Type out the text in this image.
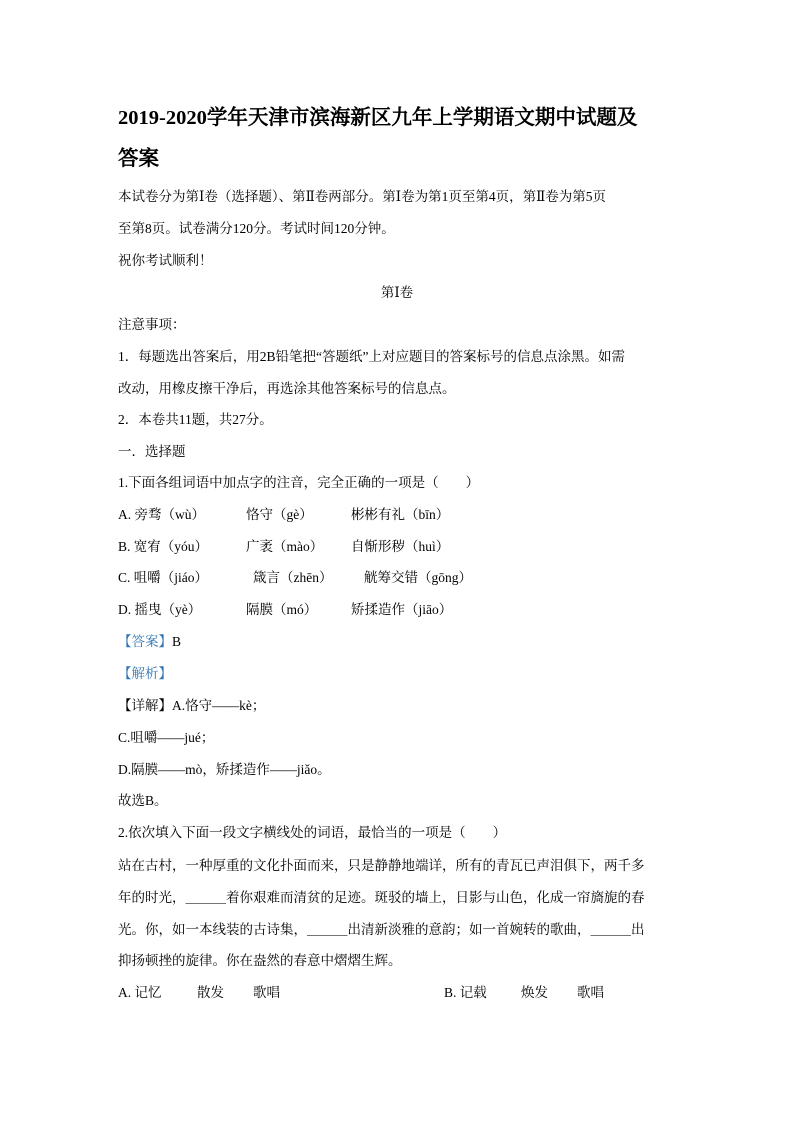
2019-2020学年天津市滨海新区九年上学期语文期中试题及
答案
本试卷分为第Ⅰ卷（选择题）、第Ⅱ卷两部分。第Ⅰ卷为第1页至第4页，第Ⅱ卷为第5页
至第8页。试卷满分120分。考试时间120分钟。
祝你考试顺利！
第Ⅰ卷
注意事项：
1．每题选出答案后，用2B铅笔把“答题纸”上对应题目的答案标号的信息点涂黑。如需
改动，用橡皮擦干净后，再选涂其他答案标号的信息点。
2．本卷共11题，共27分。
一．选择题
1.下面各组词语中加点字的注音，完全正确的一项是（　　）
A. 旁骛（wù）	恪守（gè）	彬彬有礼（bīn）
B. 宽宥（yóu）	广袤（mào） 自惭形秽（huì）
C. 咀嚼（jiáo）	箴言（zhēn） 觥筹交错（gōng）
D. 摇曳（yè）	隔膜（mó） 矫揉造作（jiāo）
【答案】B
【解析】
【详解】A.恪守——kè；
C.咀嚼——jué；
D.隔膜——mò，矫揉造作——jiǎo。
故选B。
2.依次填入下面一段文字横线处的词语，最恰当的一项是（　　）
站在古村，一种厚重的文化扑面而来，只是静静地端详，所有的青瓦已声泪俱下，两千多
年的时光，＿＿＿着你艰难而清贫的足迹。斑驳的墙上，日影与山色，化成一帘旖旎的春
光。你，如一本线装的古诗集，＿＿＿出清新淡雅的意韵；如一首婉转的歌曲，＿＿＿出
抑扬顿挫的旋律。你在盎然的春意中熠熠生辉。
A. 记忆	散发 歌唱	B. 记载	焕发 歌唱
